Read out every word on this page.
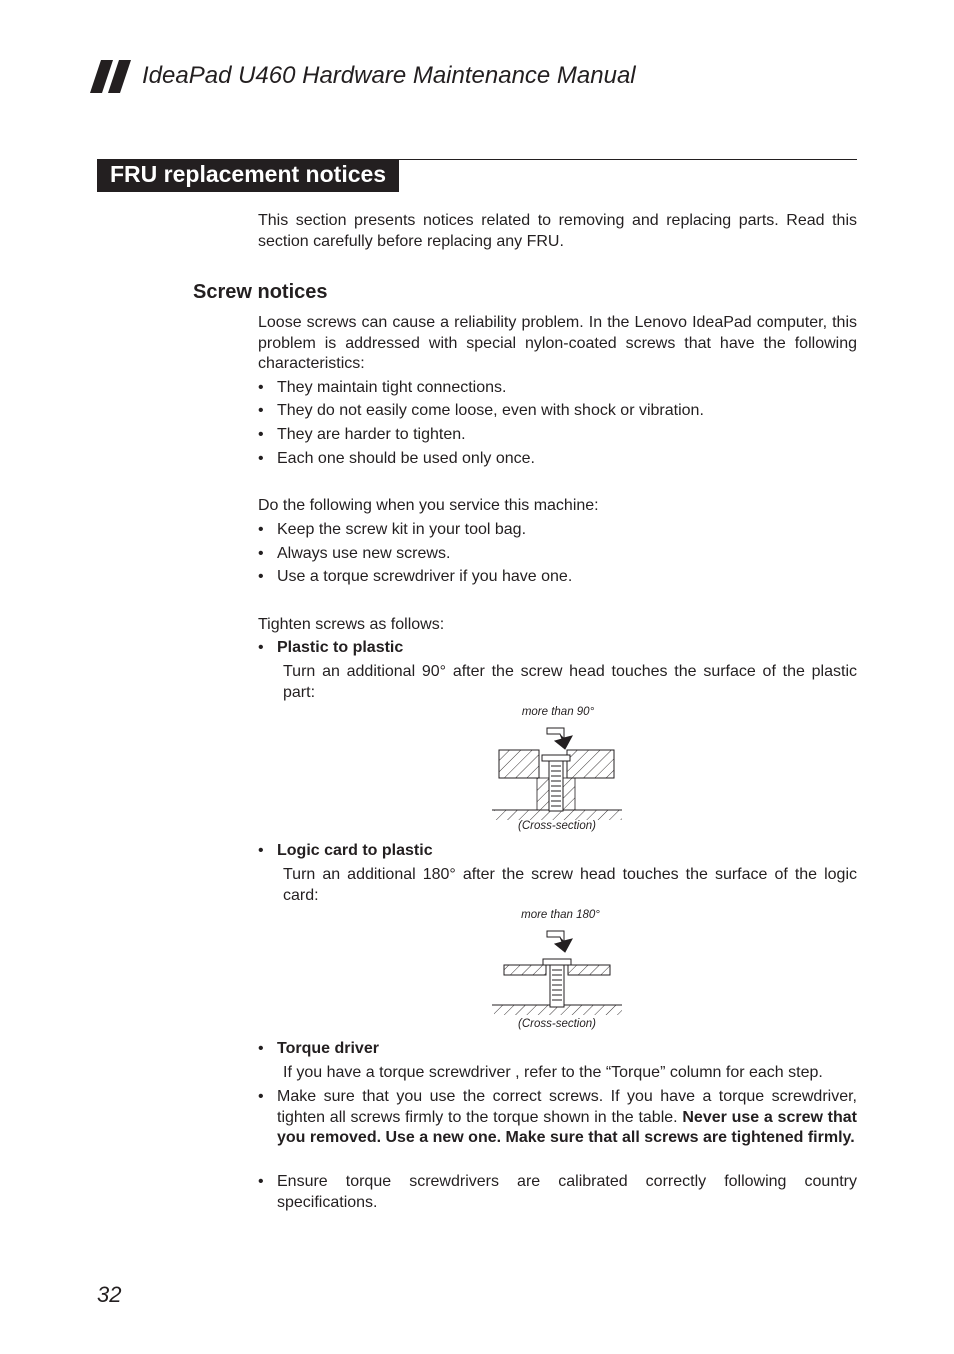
IdeaPad U460 Hardware Maintenance Manual
FRU replacement notices
This section presents notices related to removing and replacing parts. Read this section carefully before replacing any FRU.
Screw notices
Loose screws can cause a reliability problem. In the Lenovo IdeaPad computer, this problem is addressed with special nylon-coated screws that have the following characteristics:
• They maintain tight connections.
• They do not easily come loose, even with shock or vibration.
• They are harder to tighten.
• Each one should be used only once.
Do the following when you service this machine:
• Keep the screw kit in your tool bag.
• Always use new screws.
• Use a torque screwdriver if you have one.
Tighten screws as follows:
• Plastic to plastic
Turn an additional 90° after the screw head touches the surface of the plastic part:
more than 90°
(Cross-section)
• Logic card to plastic
Turn an additional 180° after the screw head touches the surface of the logic card:
more than 180°
(Cross-section)
• Torque driver
If you have a torque screwdriver , refer to the “Torque” column for each step.
• Make sure that you use the correct screws. If you have a torque screwdriver, tighten all screws firmly to the torque shown in the table. Never use a screw that you removed. Use a new one. Make sure that all screws are tightened firmly.
• Ensure torque screwdrivers are calibrated correctly following country specifications.
32
